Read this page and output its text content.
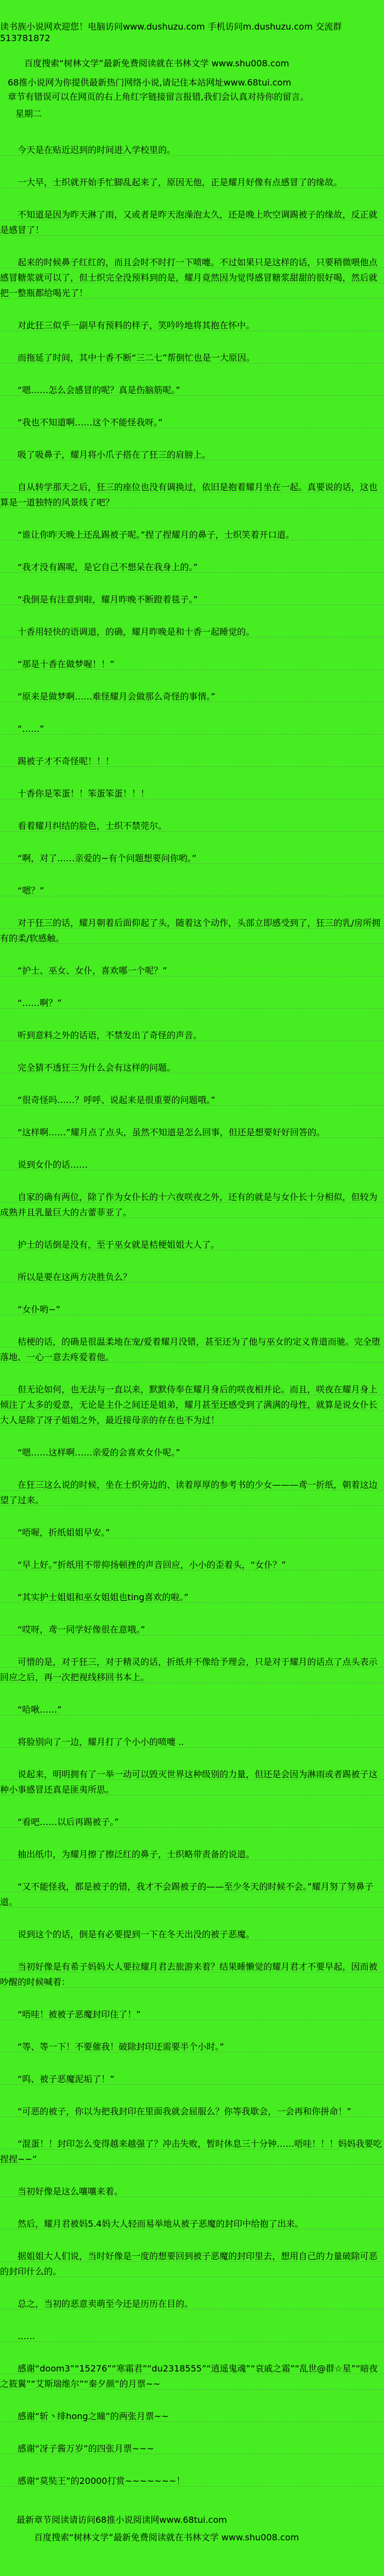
读书族小说网欢迎您！电脑访问www.dushuzu.com 手机访问m.dushuzu.com 交流群513781872

百度搜索“树林文学”最新免费阅读就在书林文学 www.shu008.com

68推小说网为你提供最新热门网络小说,请记住本站网址www.68tui.com

章节有错误可以在网页的右上角红字链接留言报错,我们会认真对待你的留言。

星期二

今天是在贴近迟到的时间进入学校里的。

一大早，士织就开始手忙脚乱起来了，原因无他，正是耀月好像有点感冒了的缘故。

不知道是因为昨天淋了雨，又或者是昨天泡澡泡太久，还是晚上吹空调踢被子的缘故，反正就是感冒了！

起来的时候鼻子红红的，而且会时不时打一下喷嚏。不过如果只是这样的话，只要稍微喂他点感冒糖浆就可以了，但士织完全没预料到的是，耀月竟然因为觉得感冒糖浆甜甜的很好喝，然后就把一整瓶都给喝光了！

对此狂三似乎一副早有预料的样子，笑吟吟地将其抱在怀中。

而拖延了时间，其中十香不断“三二七”帮倒忙也是一大原因。

“嗯……怎么会感冒的呢？真是伤脑筋呢。”

“我也不知道啊……这个不能怪我呀。”

吸了吸鼻子，耀月将小爪子搭在了狂三的肩膀上。

自从转学那天之后，狂三的座位也没有调换过，依旧是抱着耀月坐在一起。真要说的话，这也算是一道独特的风景线了吧？

“谁让你昨天晚上还乱踢被子呢。”捏了捏耀月的鼻子，士织笑着开口道。

“我才没有踢呢，是它自己不想呆在我身上的。”

“我倒是有注意到啦，耀月昨晚不断蹬着毯子。”

十香用轻快的语调道，的确，耀月昨晚是和十香一起睡觉的。

“那是十香在做梦喔！！”

“原来是做梦啊……难怪耀月会做那么奇怪的事情。”

“……”

踢被子才不奇怪呢！！！

十香你是笨蛋！！笨蛋笨蛋！！！

看着耀月纠结的脸色，士织不禁莞尔。

“啊，对了……亲爱的~有个问题想要问你哟。”

“嗯？”

对于狂三的话，耀月朝着后面仰起了头，随着这个动作，头部立即感受到了，狂三的乳/房所拥有的柔/软感触。

“护士、巫女、女仆，喜欢哪一个呢？”

“……啊？”

听到意料之外的话语，不禁发出了奇怪的声音。

完全猜不透狂三为什么会有这样的问题。

“很奇怪吗……？呼呼、说起来是很重要的问题哦。”

“这样啊……”耀月点了点头，虽然不知道是怎么回事，但还是想要好好回答的。

说到女仆的话……

自家的确有两位，除了作为女仆长的十六夜咲夜之外，还有的就是与女仆长十分相似，但较为成熟并且乳量巨大的古蕾菲亚了。

护士的话倒是没有，至于巫女就是桔梗姐姐大人了。

所以是要在这两方决胜负么？

“女仆哟~”

桔梗的话，的确是很温柔地在宠/爱着耀月没错，甚至还为了他与巫女的定义背道而驰。完全堕落地、一心一意去疼爱着他。

但无论如何，也无法与一直以来，默默侍奉在耀月身后的咲夜相并论。而且，咲夜在耀月身上倾注了太多的爱意，无论是主仆之间还是姐弟，耀月甚至还感受到了满满的母性，就算是说女仆长大人是除了冴子姐姐之外，最近接母亲的存在也不为过！

“嗯……这样啊……亲爱的会喜欢女仆呢。”

在狂三这么说的时候，坐在士织旁边的、读着厚厚的参考书的少女———鸢一折纸，朝着这边望了过来。

“唔喔，折纸姐姐早安。”

“早上好。”折纸用不带抑扬顿挫的声音回应，小小的歪着头，“女仆？”

“其实护士姐姐和巫女姐姐也ting喜欢的啦。”

“哎呀，鸢一同学好像很在意哦。”

可惜的是，对于狂三，对于精灵的话，折纸并不像给予理会，只是对于耀月的话点了点头表示回应之后，再一次把视线移回书本上。

“哈啾……”

将脸别向了一边，耀月打了个小小的喷嚏 ..

说起来，明明拥有了一举一动可以毁灭世界这种级别的力量，但还是会因为淋雨或者踢被子这种小事感冒还真是匪夷所思。

“看吧……以后再踢被子。”

抽出纸巾，为耀月擦了擦泛红的鼻子，士织略带责备的说道。

“又不能怪我，都是被子的错，我才不会踢被子的——至少冬天的时候不会。”耀月努了努鼻子道。

说到这个的话，倒是有必要提到一下在冬天出没的被子恶魔。

当初好像是有希子妈妈大人要拉耀月君去旅游来着？结果睡懒觉的耀月君才不要早起，因而被吵醒的时候喊着：

“唔哇！被被子恶魔封印住了！”

“等、等一下！不要催我！破除封印还需要半个小时。”

“呜、被子恶魔泥垢了！”

“可恶的被子，你以为把我封印在里面我就会屈服么？你等我歇会，一会再和你拼命！”

“混蛋！！封印怎么变得越来越强了？冲击失败，暂时休息三十分钟……唔哇！！！妈妈我要吃捏捏~~”

当初好像是这么嚷嚷来着。

然后，耀月君被妈5.4妈大人轻而易举地从被子恶魔的封印中给抱了出来。

据姐姐大人们说，当时好像是一度的想要回到被子恶魔的封印里去，想用自己的力量破除可恶的封印什么的。

总之，当初的恶意卖萌至今还是历历在目的。

……

感谢“doom3”“15276”“寒霜君”“du2318555”“逍遥鬼魂”“哀戚之霜”“乱世@群☆星”“暗夜之筱翼”“艾斯瑞维尔”“秦夕颜”的月票~~

感谢“斩丶绯hong之瞳”的两张月票~~

感谢“冴子酱万岁”的四张月票~~~

感谢“莫奘王”的20000打赏~~~~~~~！

最新章节阅读请访问68推小说阅读网www.68tui.com

百度搜索“树林文学”最新免费阅读就在书林文学 www.shu008.com
